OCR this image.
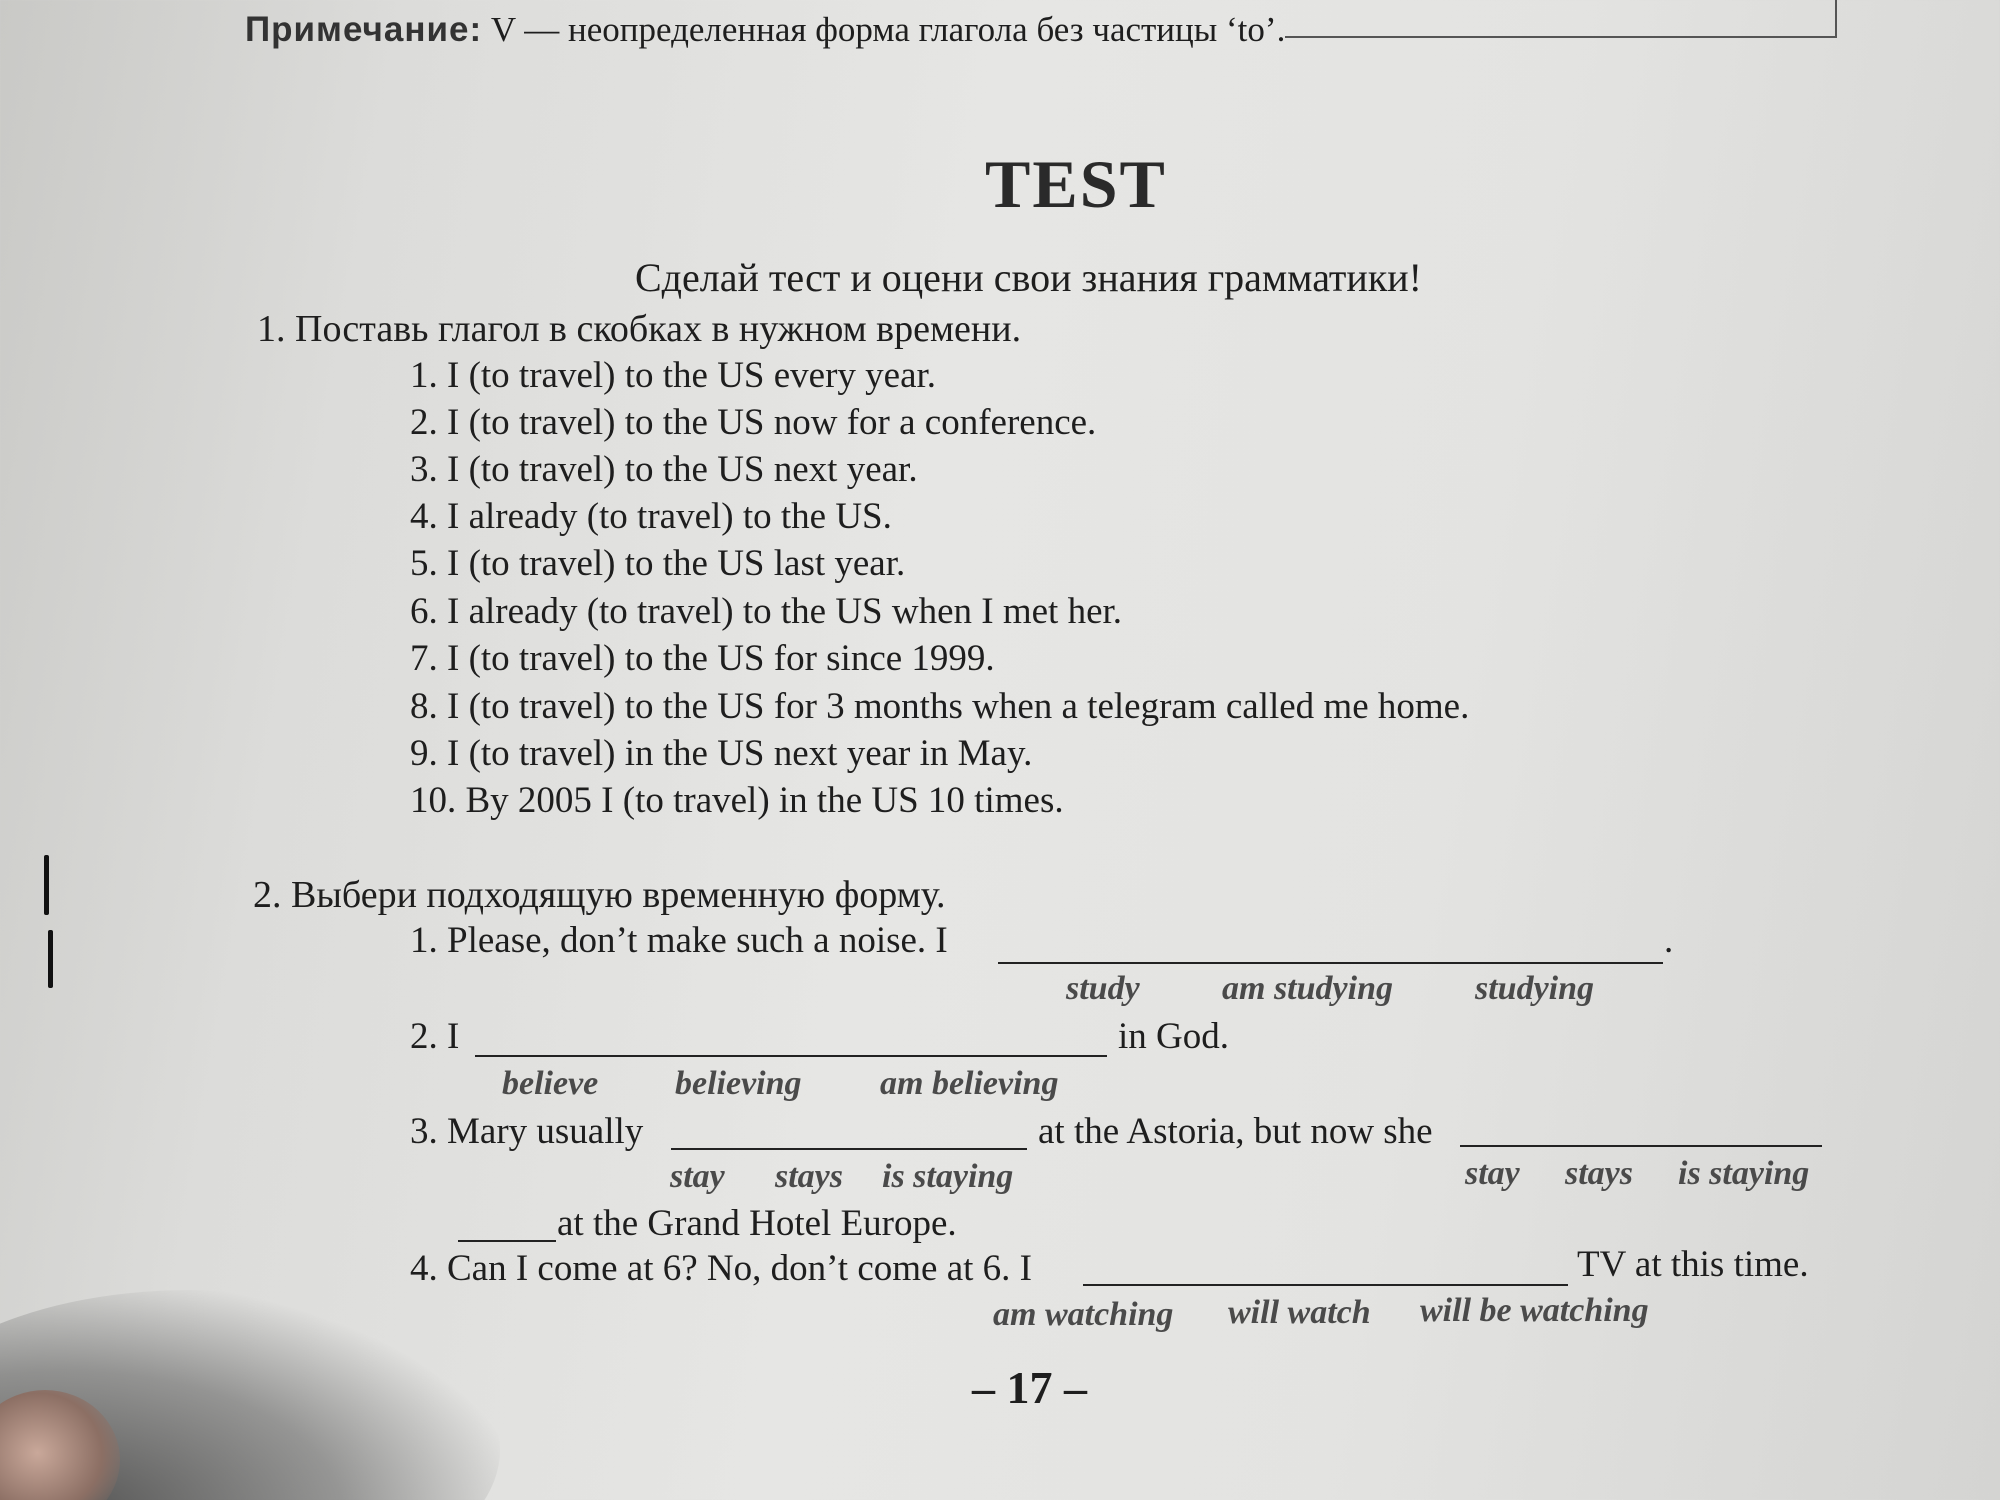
Примечание: V — неопределенная форма глагола без частицы ‘to’.
TEST
Сделай тест и оцени свои знания грамматики!
1. Поставь глагол в скобках в нужном времени.
1. I (to travel) to the US every year.
2. I (to travel) to the US now for a conference.
3. I (to travel) to the US next year.
4. I already (to travel) to the US.
5. I (to travel) to the US last year.
6. I already (to travel) to the US when I met her.
7. I (to travel) to the US for since 1999.
8. I (to travel) to the US for 3 months when a telegram called me home.
9. I (to travel) in the US next year in May.
10. By 2005 I (to travel) in the US 10 times.
2. Выбери подходящую временную форму.
1. Please, don’t make such a noise. I	.
study am studying studying
2. I	in God.
believe believing am believing
3. Mary usually	at the Astoria, but now she
stay stays is staying	stay stays is staying
at the Grand Hotel Europe.
4. Can I come at 6? No, don’t come at 6. I	TV at this time.
am watching will watch will be watching
– 17 –
